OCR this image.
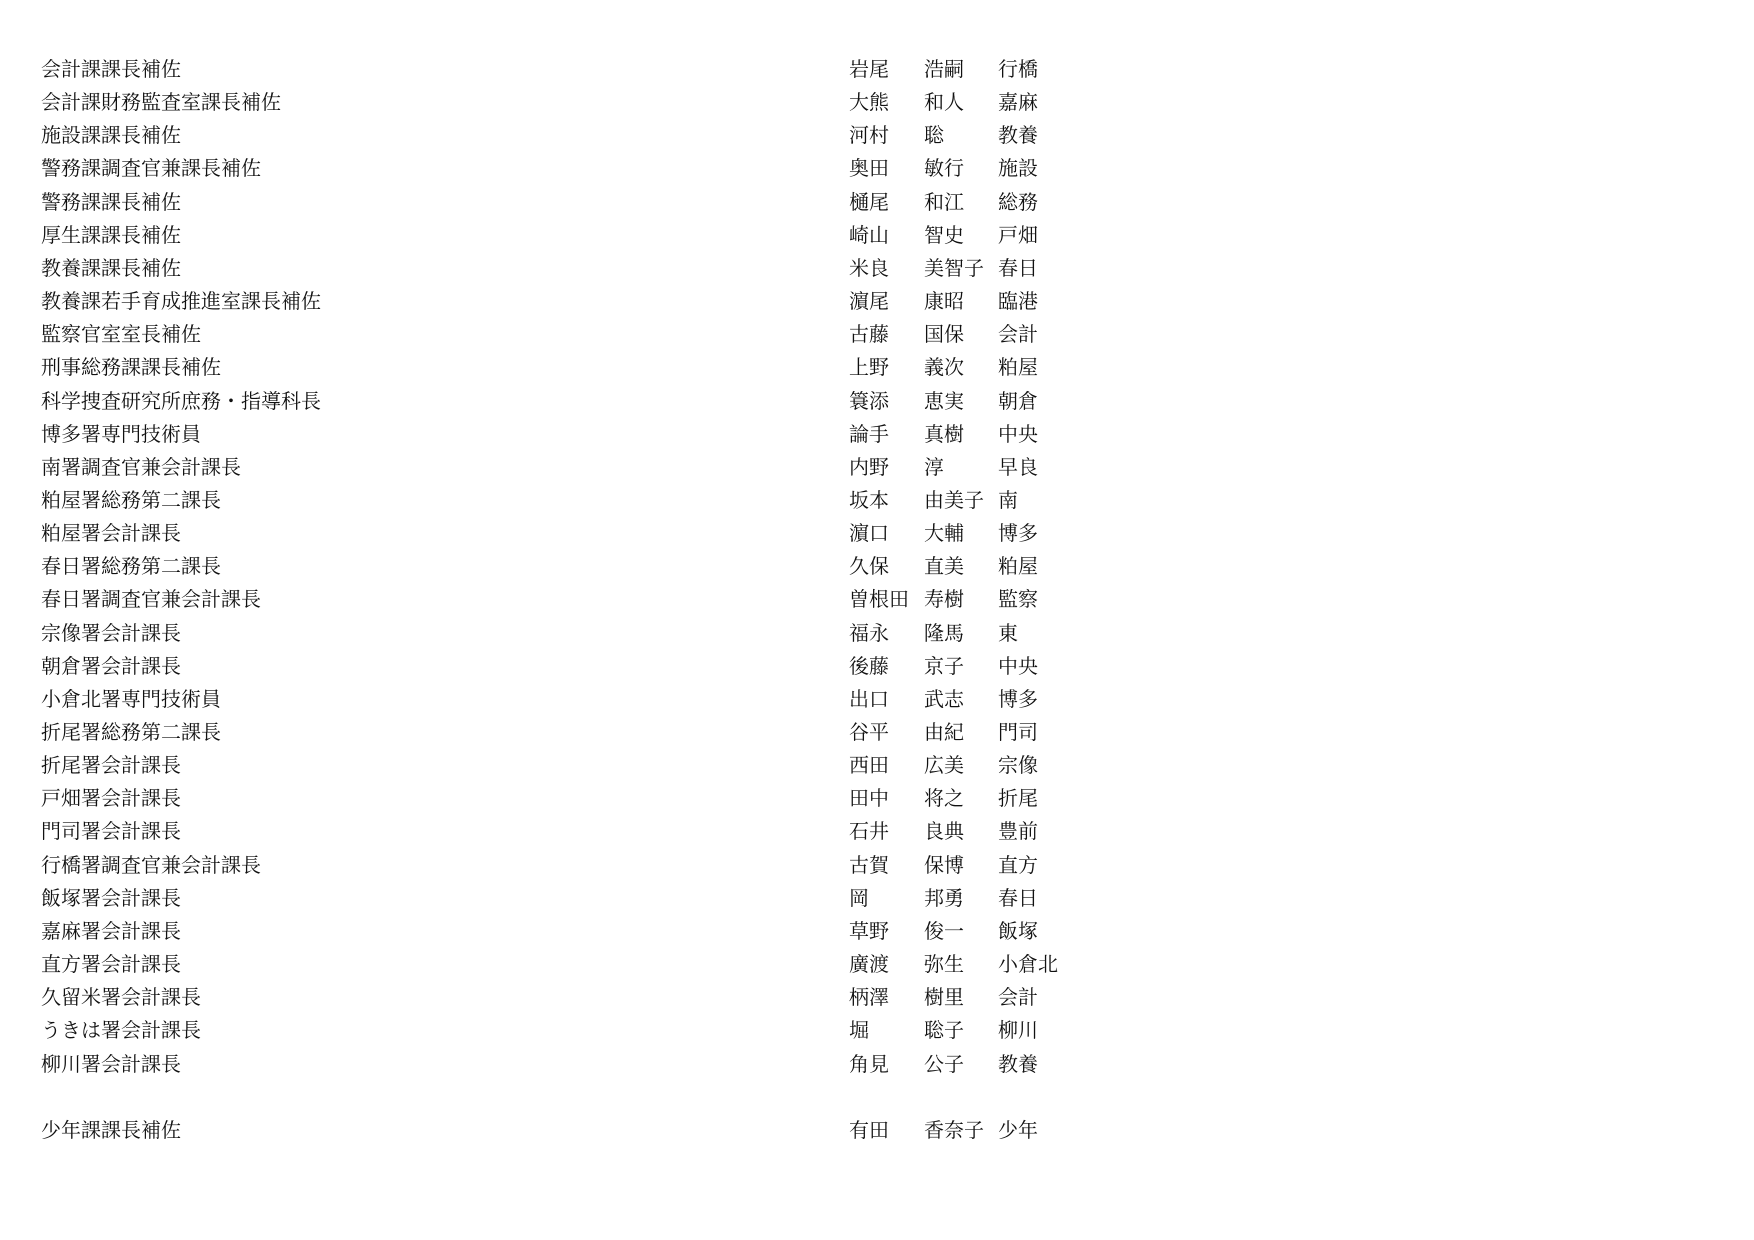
会計課課長補佐	岩尾 浩嗣 行橋
会計課財務監査室課長補佐	大熊 和人 嘉麻
施設課課長補佐	河村 聡	教養
警務課調査官兼課長補佐	奥田 敏行 施設
警務課課長補佐	樋尾 和江 総務
厚生課課長補佐	崎山 智史 戸畑
教養課課長補佐	米良 美智子 春日
教養課若手育成推進室課長補佐	濵尾 康昭 臨港
監察官室室長補佐	古藤 国保 会計
刑事総務課課長補佐	上野 義次 粕屋
科学捜査研究所庶務・指導科長	簑添 恵実 朝倉
博多署専門技術員	論手 真樹 中央
南署調査官兼会計課長	内野 淳	早良
粕屋署総務第二課長	坂本 由美子 南
粕屋署会計課長	濵口 大輔 博多
春日署総務第二課長	久保 直美 粕屋
春日署調査官兼会計課長	曽根田 寿樹 監察
宗像署会計課長	福永 隆馬 東
朝倉署会計課長	後藤 京子 中央
小倉北署専門技術員	出口 武志 博多
折尾署総務第二課長	谷平 由紀 門司
折尾署会計課長	西田 広美 宗像
戸畑署会計課長	田中 将之 折尾
門司署会計課長	石井 良典 豊前
行橋署調査官兼会計課長	古賀 保博 直方
飯塚署会計課長	岡	邦勇 春日
嘉麻署会計課長	草野 俊一 飯塚
直方署会計課長	廣渡 弥生 小倉北
久留米署会計課長	柄澤 樹里 会計
うきは署会計課長	堀	聡子 柳川
柳川署会計課長	角見 公子 教養
少年課課長補佐	有田 香奈子 少年
